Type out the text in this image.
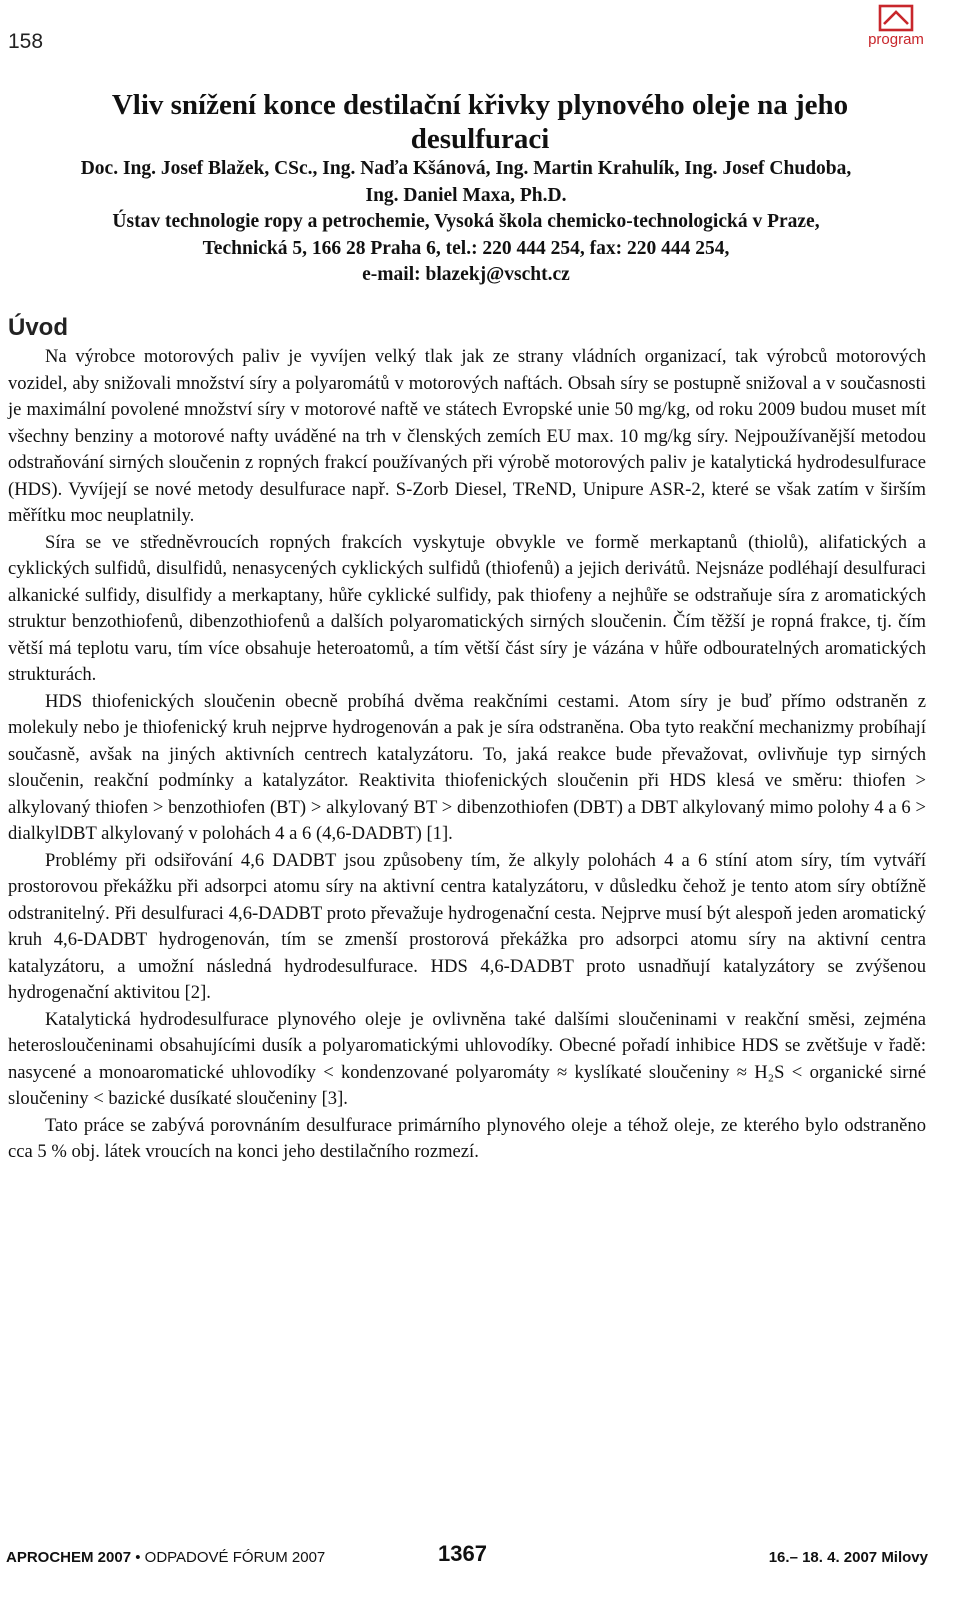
158	program
Vliv snížení konce destilační křivky plynového oleje na jeho desulfuraci
Doc. Ing. Josef Blažek, CSc., Ing. Naďa Kšánová, Ing. Martin Krahulík, Ing. Josef Chudoba,
Ing. Daniel Maxa, Ph.D.
Ústav technologie ropy a petrochemie, Vysoká škola chemicko-technologická v Praze,
Technická 5, 166 28 Praha 6, tel.: 220 444 254, fax: 220 444 254,
e-mail: blazekj@vscht.cz
Úvod

Na výrobce motorových paliv je vyvíjen velký tlak jak ze strany vládních organizací, tak výrobců motorových vozidel, aby snižovali množství síry a polyaromátů v motorových naftách. Obsah síry se postupně snižoval a v současnosti je maximální povolené množství síry v motorové naftě ve státech Evropské unie 50 mg/kg, od roku 2009 budou muset mít všechny benziny a motorové nafty uváděné na trh v členských zemích EU max. 10 mg/kg síry. Nejpoužívanější metodou odstraňování sirných sloučenin z ropných frakcí používaných při výrobě motorových paliv je katalytická hydrodesulfurace (HDS). Vyvíjejí se nové metody desulfurace např. S-Zorb Diesel, TReND, Unipure ASR-2, které se však zatím v širším měřítku moc neuplatnily.

Síra se ve středněvroucích ropných frakcích vyskytuje obvykle ve formě merkaptanů (thiolů), alifatických a cyklických sulfidů, disulfidů, nenasycených cyklických sulfidů (thiofenů) a jejich derivátů. Nejsnáze podléhají desulfuraci alkanické sulfidy, disulfidy a merkaptany, hůře cyklické sulfidy, pak thiofeny a nejhůře se odstraňuje síra z aromatických struktur benzothiofenů, dibenzothiofenů a dalších polyaromatických sirných sloučenin. Čím těžší je ropná frakce, tj. čím větší má teplotu varu, tím více obsahuje heteroatomů, a tím větší část síry je vázána v hůře odbouratelných aromatických strukturách.

HDS thiofenických sloučenin obecně probíhá dvěma reakčními cestami. Atom síry je buď přímo odstraněn z molekuly nebo je thiofenický kruh nejprve hydrogenován a pak je síra odstraněna. Oba tyto reakční mechanizmy probíhají současně, avšak na jiných aktivních centrech katalyzátoru. To, jaká reakce bude převažovat, ovlivňuje typ sirných sloučenin, reakční podmínky a katalyzátor. Reaktivita thiofenických sloučenin při HDS klesá ve směru: thiofen > alkylovaný thiofen > benzothiofen (BT) > alkylovaný BT > dibenzothiofen (DBT) a DBT alkylovaný mimo polohy 4 a 6 > dialkylDBT alkylovaný v polohách 4 a 6 (4,6-DADBT) [1].

Problémy při odsiřování 4,6 DADBT jsou způsobeny tím, že alkyly polohách 4 a 6 stíní atom síry, tím vytváří prostorovou překážku při adsorpci atomu síry na aktivní centra katalyzátoru, v důsledku čehož je tento atom síry obtížně odstranitelný. Při desulfuraci 4,6-DADBT proto převažuje hydrogenační cesta. Nejprve musí být alespoň jeden aromatický kruh 4,6-DADBT hydrogenován, tím se zmenší prostorová překážka pro adsorpci atomu síry na aktivní centra katalyzátoru, a umožní následná hydrodesulfurace. HDS 4,6-DADBT proto usnadňují katalyzátory se zvýšenou hydrogenační aktivitou [2].

Katalytická hydrodesulfurace plynového oleje je ovlivněna také dalšími sloučeninami v reakční směsi, zejména heterosloučeninami obsahujícími dusík a polyaromatickými uhlovodíky. Obecné pořadí inhibice HDS se zvětšuje v řadě: nasycené a monoaromatické uhlovodíky < kondenzované polyaromáty ≈ kyslíkaté sloučeniny ≈ H₂S < organické sirné sloučeniny < bazické dusíkaté sloučeniny [3].

Tato práce se zabývá porovnáním desulfurace primárního plynového oleje a téhož oleje, ze kterého bylo odstraněno cca 5 % obj. látek vroucích na konci jeho destilačního rozmezí.

APROCHEM 2007 • ODPADOVÉ FÓRUM 2007	1367	16.– 18. 4. 2007 Milovy
